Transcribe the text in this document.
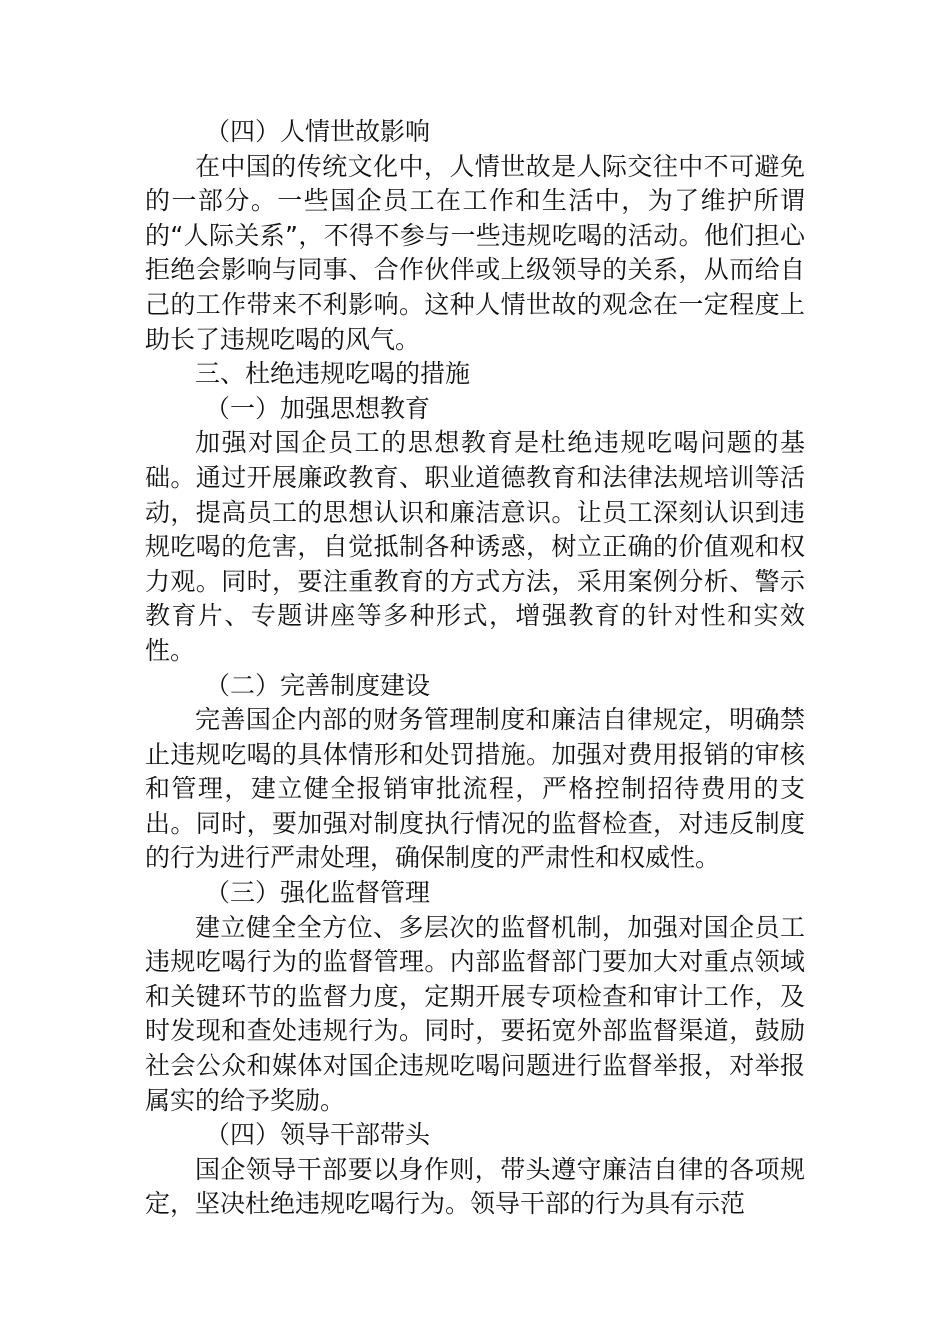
（四）人情世故影响

在中国的传统文化中，人情世故是人际交往中不可避免的一部分。一些国企员工在工作和生活中，为了维护所谓的“人际关系”，不得不参与一些违规吃喝的活动。他们担心拒绝会影响与同事、合作伙伴或上级领导的关系，从而给自己的工作带来不利影响。这种人情世故的观念在一定程度上助长了违规吃喝的风气。

三、杜绝违规吃喝的措施

（一）加强思想教育

加强对国企员工的思想教育是杜绝违规吃喝问题的基础。通过开展廉政教育、职业道德教育和法律法规培训等活动，提高员工的思想认识和廉洁意识。让员工深刻认识到违规吃喝的危害，自觉抵制各种诱惑，树立正确的价值观和权力观。同时，要注重教育的方式方法，采用案例分析、警示教育片、专题讲座等多种形式，增强教育的针对性和实效性。

（二）完善制度建设

完善国企内部的财务管理制度和廉洁自律规定，明确禁止违规吃喝的具体情形和处罚措施。加强对费用报销的审核和管理，建立健全报销审批流程，严格控制招待费用的支出。同时，要加强对制度执行情况的监督检查，对违反制度的行为进行严肃处理，确保制度的严肃性和权威性。

（三）强化监督管理

建立健全全方位、多层次的监督机制，加强对国企员工违规吃喝行为的监督管理。内部监督部门要加大对重点领域和关键环节的监督力度，定期开展专项检查和审计工作，及时发现和查处违规行为。同时，要拓宽外部监督渠道，鼓励社会公众和媒体对国企违规吃喝问题进行监督举报，对举报属实的给予奖励。

（四）领导干部带头

国企领导干部要以身作则，带头遵守廉洁自律的各项规定，坚决杜绝违规吃喝行为。领导干部的行为具有示范
